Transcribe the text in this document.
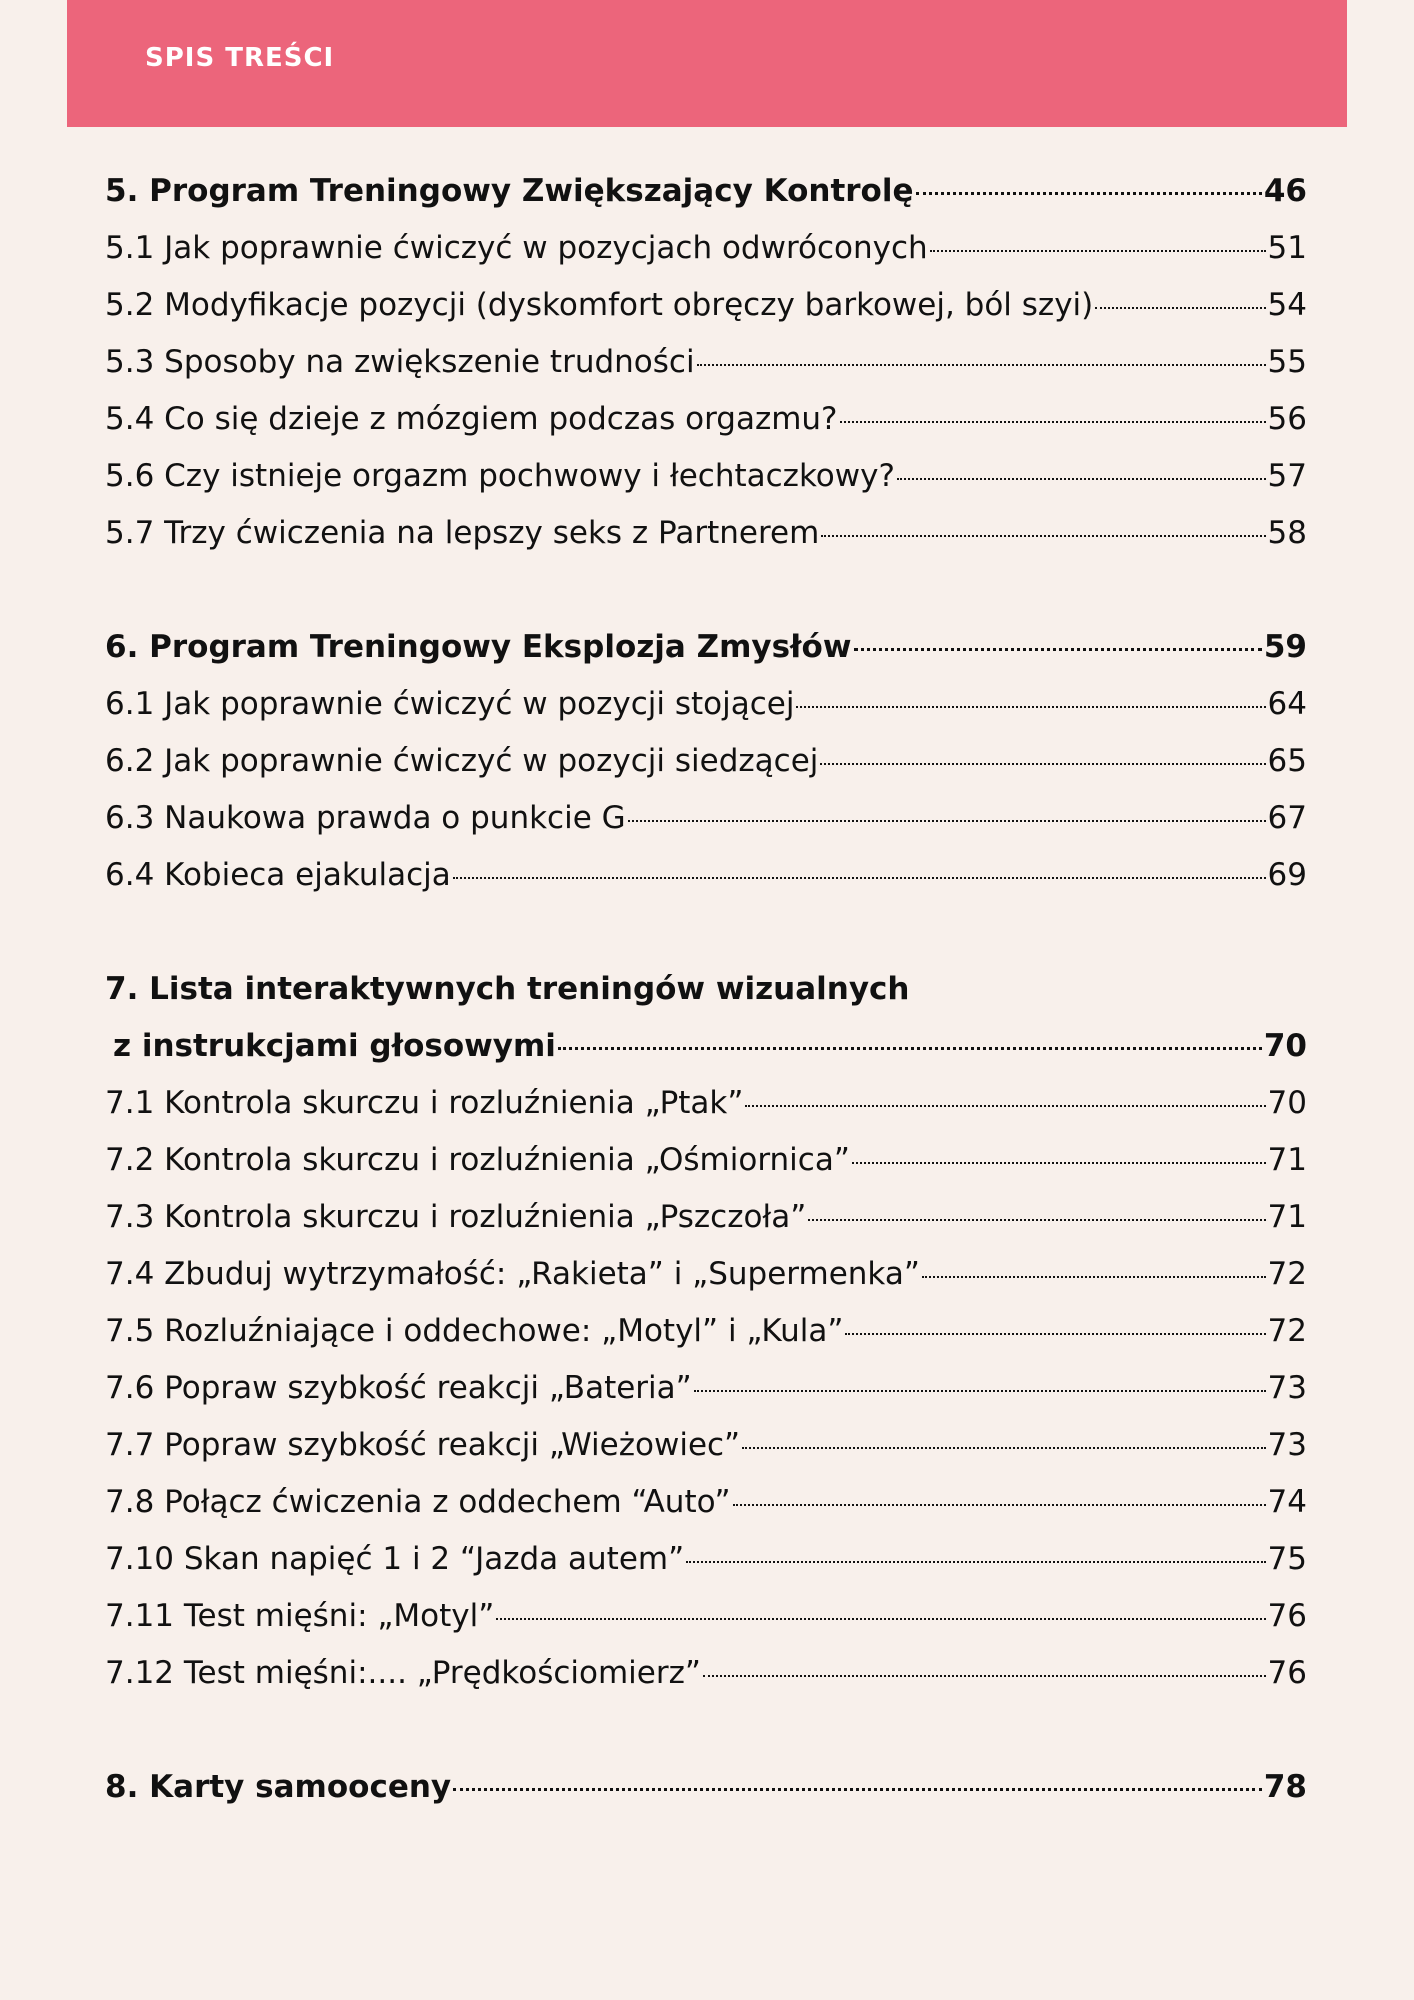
SPIS TREŚCI
5. Program Treningowy Zwiększający Kontrolę	46
5.1 Jak poprawnie ćwiczyć w pozycjach odwróconych	51
5.2 Modyfikacje pozycji (dyskomfort obręczy barkowej, ból szyi)	54
5.3 Sposoby na zwiększenie trudności	55
5.4 Co się dzieje z mózgiem podczas orgazmu?	56
5.6 Czy istnieje orgazm pochwowy i łechtaczkowy?	57
5.7 Trzy ćwiczenia na lepszy seks z Partnerem	58
6. Program Treningowy Eksplozja Zmysłów	59
6.1 Jak poprawnie ćwiczyć w pozycji stojącej	64
6.2 Jak poprawnie ćwiczyć w pozycji siedzącej	65
6.3 Naukowa prawda o punkcie G	67
6.4 Kobieca ejakulacja	69
7. Lista interaktywnych treningów wizualnych
z instrukcjami głosowymi	70
7.1 Kontrola skurczu i rozluźnienia „Ptak”	70
7.2 Kontrola skurczu i rozluźnienia „Ośmiornica”	71
7.3 Kontrola skurczu i rozluźnienia „Pszczoła”	71
7.4 Zbuduj wytrzymałość: „Rakieta” i „Supermenka”	72
7.5 Rozluźniające i oddechowe: „Motyl” i „Kula”	72
7.6 Popraw szybkość reakcji „Bateria”	73
7.7 Popraw szybkość reakcji „Wieżowiec”	73
7.8 Połącz ćwiczenia z oddechem “Auto”	74
7.10 Skan napięć 1 i 2 “Jazda autem”	75
7.11 Test mięśni: „Motyl”	76
7.12 Test mięśni:.... „Prędkościomierz”	76
8. Karty samooceny	78
